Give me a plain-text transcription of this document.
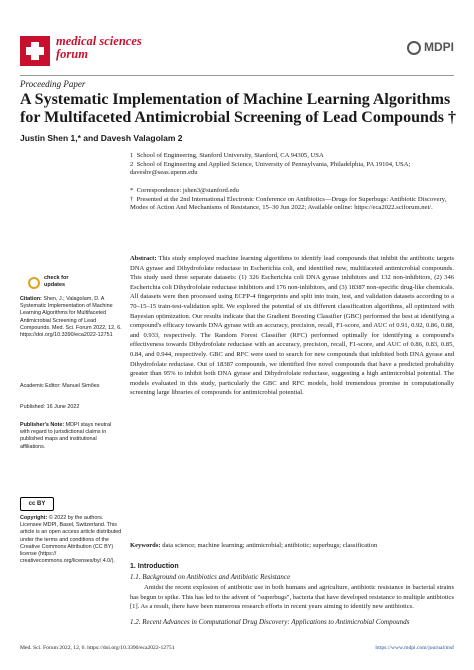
medical sciences
forum	MDPI
Proceeding Paper
A Systematic Implementation of Machine Learning Algorithms for Multifaceted Antimicrobial Screening of Lead Compounds †
Justin Shen 1,* and Davesh Valagolam 2
1 School of Engineering, Stanford University, Stanford, CA 94305, USA
2 School of Engineering and Applied Science, University of Pennsylvania, Philadelphia, PA 19104, USA; daveshv@seas.upenn.edu
* Correspondence: jshen3@stanford.edu
† Presented at the 2nd International Electronic Conference on Antibiotics—Drugs for Superbugs: Antibiotic Discovery, Modes of Action And Mechanisms of Resistance, 15–30 Jun 2022; Available online: https://eca2022.sciforum.net/.
Abstract: This study employed machine learning algorithms to identify lead compounds that inhibit the antibiotic targets DNA gyrase and Dihydrofolate reductase in Escherichia coli, and identified new, multifaceted antimicrobial compounds. This study used three separate datasets: (1) 326 Escherichia coli DNA gyrase inhibitors and 132 non-inhibitors, (2) 346 Escherichia coli Dihydrofolate reductase inhibitors and 176 non-inhibitors, and (3) 18387 non-specific drug-like chemicals. All datasets were then processed using ECFP-4 fingerprints and split into train, test, and validation datasets according to a 70–15–15 train-test-validation split. We explored the potential of six different classification algorithms, all optimized with Bayesian optimization. Our results indicate that the Gradient Boosting Classifier (GBC) performed the best at identifying a compound's efficacy towards DNA gyrase with an accuracy, precision, recall, F1-score, and AUC of 0.91, 0.92, 0.86, 0.88, and 0.933, respectively. The Random Forest Classifier (RFC) performed optimally for identifying a compound's effectiveness towards Dihydrofolate reductase with an accuracy, precision, recall, F1-score, and AUC of 0.86, 0.83, 0.85, 0.84, and 0.944, respectively. GBC and RFC were used to search for new compounds that inhibited both DNA gyrase and Dihydrofolate reductase. Out of 18387 compounds, we identified five novel compounds that have a predicted probability greater than 95% to inhibit both DNA gyrase and Dihydrofolate reductase, suggesting a high antimicrobial potential. The models evaluated in this study, particularly the GBC and RFC models, hold tremendous promise in computationally screening large libraries of compounds for antimicrobial potential.
Keywords: data science; machine learning; antimicrobial; antibiotic; superbugs; classification
check for
updates
Citation: Shen, J.; Valagolam, D. A Systematic Implementation of Machine Learning Algorithms for Multifaceted Antimicrobial Screening of Lead Compounds. Med. Sci. Forum 2022, 12, 6. https://doi.org/10.3390/eca2022-12751
Academic Editor: Manuel Simões
Published: 16 June 2022
Publisher's Note: MDPI stays neutral with regard to jurisdictional claims in published maps and institutional affiliations.
cc BY
Copyright: © 2022 by the authors. Licensee MDPI, Basel, Switzerland. This article is an open access article distributed under the terms and conditions of the Creative Commons Attribution (CC BY) license (https:// creativecommons.org/licenses/by/ 4.0/).
1. Introduction
1.1. Background on Antibiotics and Antibiotic Resistance
Amidst the recent explosion of antibiotic use in both humans and agriculture, antibiotic resistance in bacterial strains has begun to spike. This has led to the advent of "superbugs", bacteria that have developed resistance to multiple antibiotics [1]. As a result, there have been numerous research efforts in recent years aiming to identify new antibiotics.
1.2. Recent Advances in Computational Drug Discovery: Applications to Antimicrobial Compounds
Med. Sci. Forum 2022, 12, 6. https://doi.org/10.3390/eca2022-12751	https://www.mdpi.com/journal/msf
